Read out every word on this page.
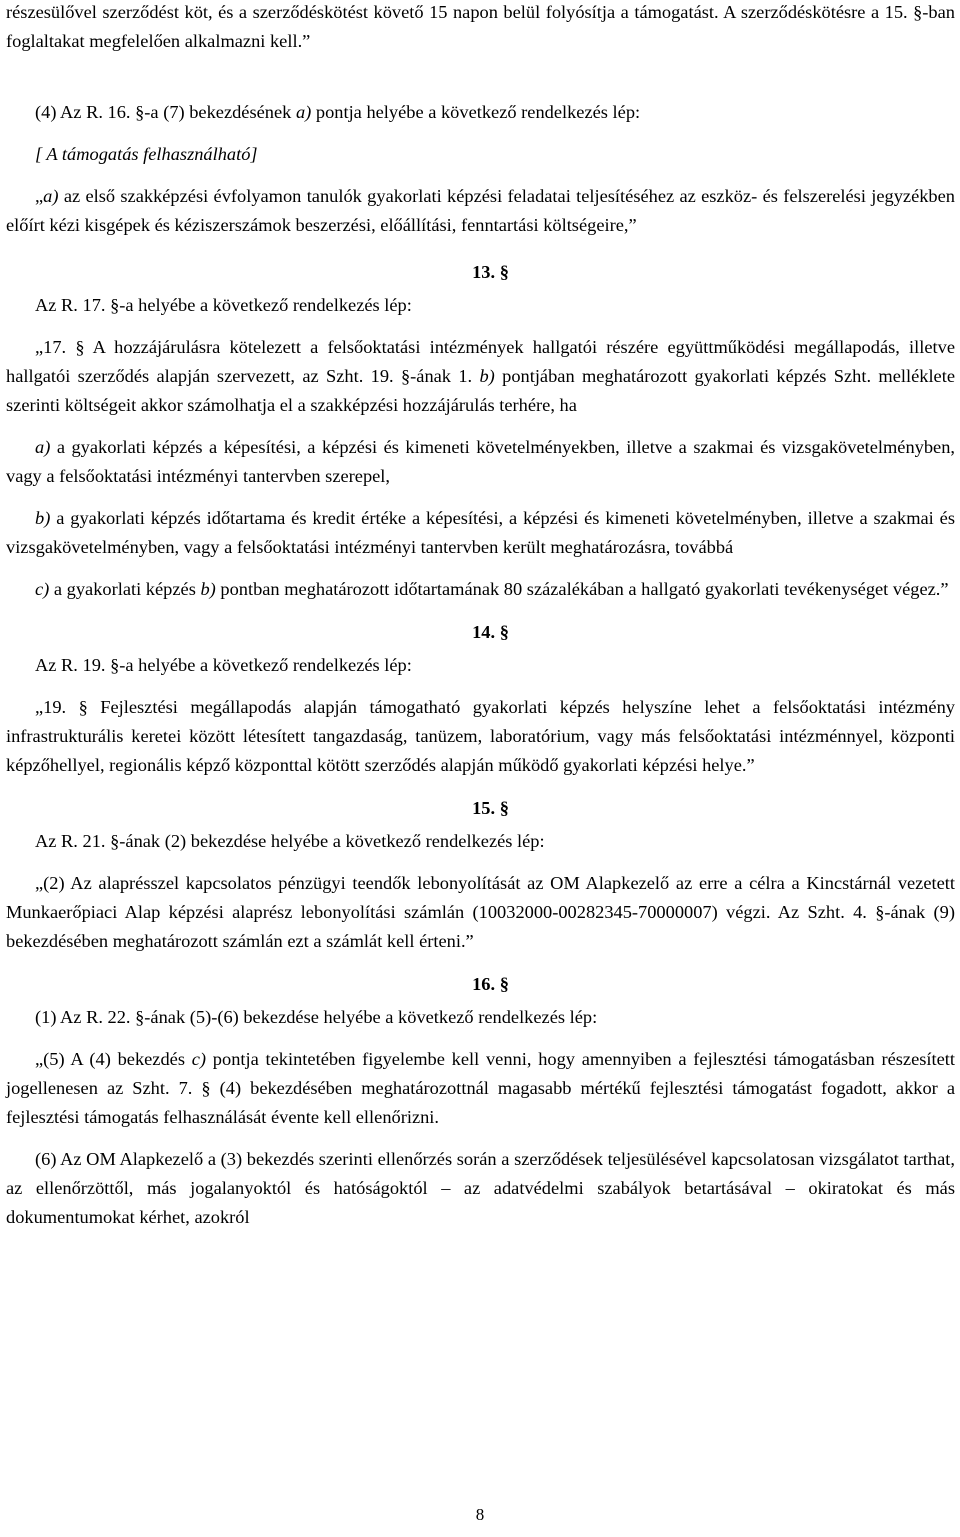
részesülővel szerződést köt, és a szerződéskötést követő 15 napon belül folyósítja a támogatást. A szerződéskötésre a 15. §-ban foglaltakat megfelelően alkalmazni kell.”

(4) Az R. 16. §-a (7) bekezdésének a) pontja helyébe a következő rendelkezés lép:

[ A támogatás felhasználható]

„a) az első szakképzési évfolyamon tanulók gyakorlati képzési feladatai teljesítéséhez az eszköz- és felszerelési jegyzékben előírt kézi kisgépek és kéziszerszámok beszerzési, előállítási, fenntartási költségeire,”

13. §

Az R. 17. §-a helyébe a következő rendelkezés lép:

„17. § A hozzájárulásra kötelezett a felsőoktatási intézmények hallgatói részére együttműködési megállapodás, illetve hallgatói szerződés alapján szervezett, az Szht. 19. §-ának 1. b) pontjában meghatározott gyakorlati képzés Szht. melléklete szerinti költségeit akkor számolhatja el a szakképzési hozzájárulás terhére, ha

a) a gyakorlati képzés a képesítési, a képzési és kimeneti követelményekben, illetve a szakmai és vizsgakövetelményben, vagy a felsőoktatási intézményi tantervben szerepel,

b) a gyakorlati képzés időtartama és kredit értéke a képesítési, a képzési és kimeneti követelményben, illetve a szakmai és vizsgakövetelményben, vagy a felsőoktatási intézményi tantervben került meghatározásra, továbbá

c) a gyakorlati képzés b) pontban meghatározott időtartamának 80 százalékában a hallgató gyakorlati tevékenységet végez.”

14. §

Az R. 19. §-a helyébe a következő rendelkezés lép:

„19. § Fejlesztési megállapodás alapján támogatható gyakorlati képzés helyszíne lehet a felsőoktatási intézmény infrastrukturális keretei között létesített tangazdaság, tanüzem, laboratórium, vagy más felsőoktatási intézménnyel, központi képzőhellyel, regionális képző központtal kötött szerződés alapján működő gyakorlati képzési helye.”

15. §

Az R. 21. §-ának (2) bekezdése helyébe a következő rendelkezés lép:

„(2) Az alaprésszel kapcsolatos pénzügyi teendők lebonyolítását az OM Alapkezelő az erre a célra a Kincstárnál vezetett Munkaerőpiaci Alap képzési alaprész lebonyolítási számlán (10032000-00282345-70000007) végzi. Az Szht. 4. §-ának (9) bekezdésében meghatározott számlán ezt a számlát kell érteni.”

16. §

(1) Az R. 22. §-ának (5)-(6) bekezdése helyébe a következő rendelkezés lép:

„(5) A (4) bekezdés c) pontja tekintetében figyelembe kell venni, hogy amennyiben a fejlesztési támogatásban részesített jogellenesen az Szht. 7. § (4) bekezdésében meghatározottnál magasabb mértékű fejlesztési támogatást fogadott, akkor a fejlesztési támogatás felhasználását évente kell ellenőrizni.

(6) Az OM Alapkezelő a (3) bekezdés szerinti ellenőrzés során a szerződések teljesülésével kapcsolatosan vizsgálatot tarthat, az ellenőrzöttől, más jogalanyoktól és hatóságoktól – az adatvédelmi szabályok betartásával – okiratokat és más dokumentumokat kérhet, azokról

8
